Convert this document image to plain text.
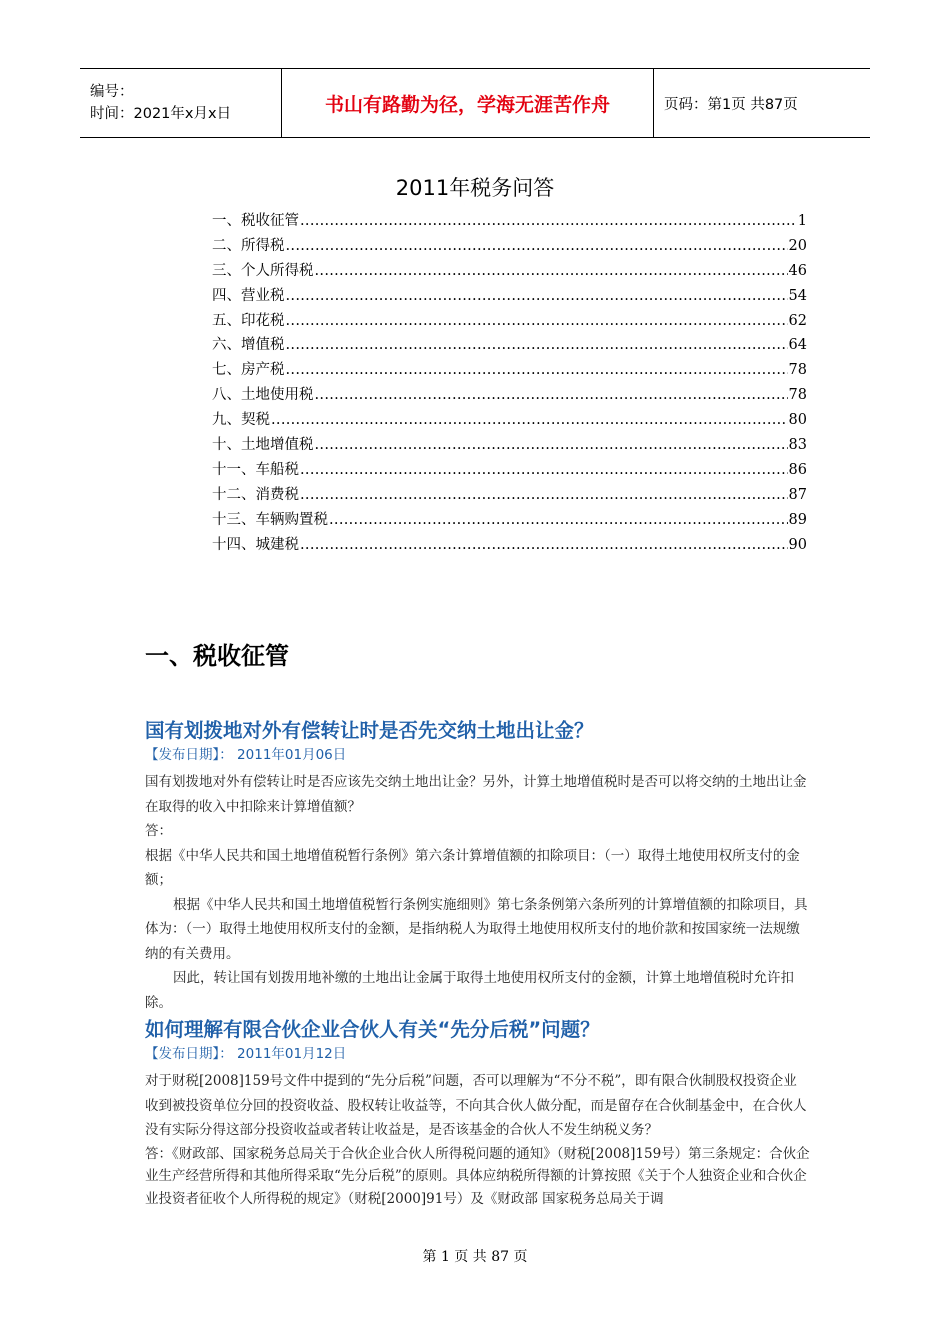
编号：
时间：2021年x月x日	书山有路勤为径，学海无涯苦作舟	页码：第1页 共87页
2011年税务问答
一、税收征管 .....	1
二、所得税 .....	20
三、个人所得税 .....	46
四、营业税 .....	54
五、印花税 .....	62
六、增值税 .....	64
七、房产税 .....	78
八、土地使用税 .....	78
九、契税 .....	80
十、土地增值税 .....	83
十一、车船税 .....	86
十二、消费税 .....	87
十三、车辆购置税 .....	89
十四、城建税 .....	90
一、税收征管
国有划拨地对外有偿转让时是否先交纳土地出让金？
【发布日期】： 2011年01月06日

国有划拨地对外有偿转让时是否应该先交纳土地出让金？另外，计算土地增值税时是否可以将交纳的土地出让金在取得的收入中扣除来计算增值额？

答：

根据《中华人民共和国土地增值税暂行条例》第六条计算增值额的扣除项目：（一）取得土地使用权所支付的金额；

根据《中华人民共和国土地增值税暂行条例实施细则》第七条条例第六条所列的计算增值额的扣除项目，具体为：（一）取得土地使用权所支付的金额，是指纳税人为取得土地使用权所支付的地价款和按国家统一法规缴纳的有关费用。

因此，转让国有划拨用地补缴的土地出让金属于取得土地使用权所支付的金额，计算土地增值税时允许扣除。

如何理解有限合伙企业合伙人有关“先分后税”问题？
【发布日期】： 2011年01月12日

对于财税[2008]159号文件中提到的“先分后税”问题，否可以理解为“不分不税”，即有限合伙制股权投资企业收到被投资单位分回的投资收益、股权转让收益等，不向其合伙人做分配，而是留存在合伙制基金中，在合伙人没有实际分得这部分投资收益或者转让收益是，是否该基金的合伙人不发生纳税义务？

答：《财政部、国家税务总局关于合伙企业合伙人所得税问题的通知》（财税[2008]159号）第三条规定：合伙企业生产经营所得和其他所得采取“先分后税”的原则。具体应纳税所得额的计算按照《关于个人独资企业和合伙企业投资者征收个人所得税的规定》（财税[2000]91号）及《财政部 国家税务总局关于调

第 1 页 共 87 页
